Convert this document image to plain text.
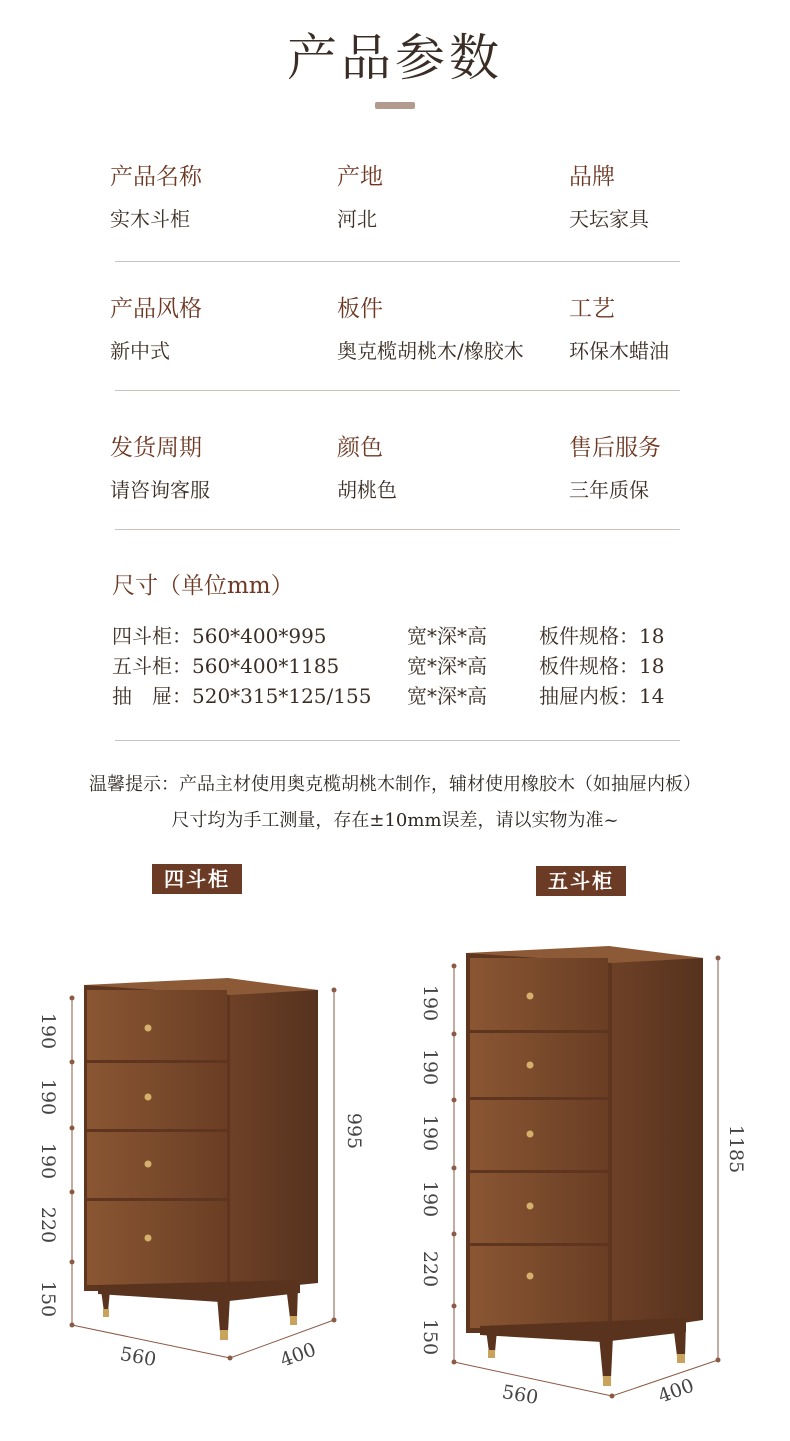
产品参数
产品名称
实木斗柜
产地
河北
品牌
天坛家具
产品风格
新中式
板件
奥克榄胡桃木/橡胶木
工艺
环保木蜡油
发货周期
请咨询客服
颜色
胡桃色
售后服务
三年质保
尺寸（单位mm）
四斗柜：560*400*995	宽*深*高	板件规格：18
五斗柜：560*400*1185	宽*深*高	板件规格：18
抽　屉：520*315*125/155 宽*深*高	抽屉内板：14
温馨提示：产品主材使用奥克榄胡桃木制作，辅材使用橡胶木（如抽屉内板）
尺寸均为手工测量，存在±10mm误差，请以实物为准~
四斗柜	五斗柜
190
190
190
220
150
995
560	400
190
190
190
190
220
150
1185
560	400
